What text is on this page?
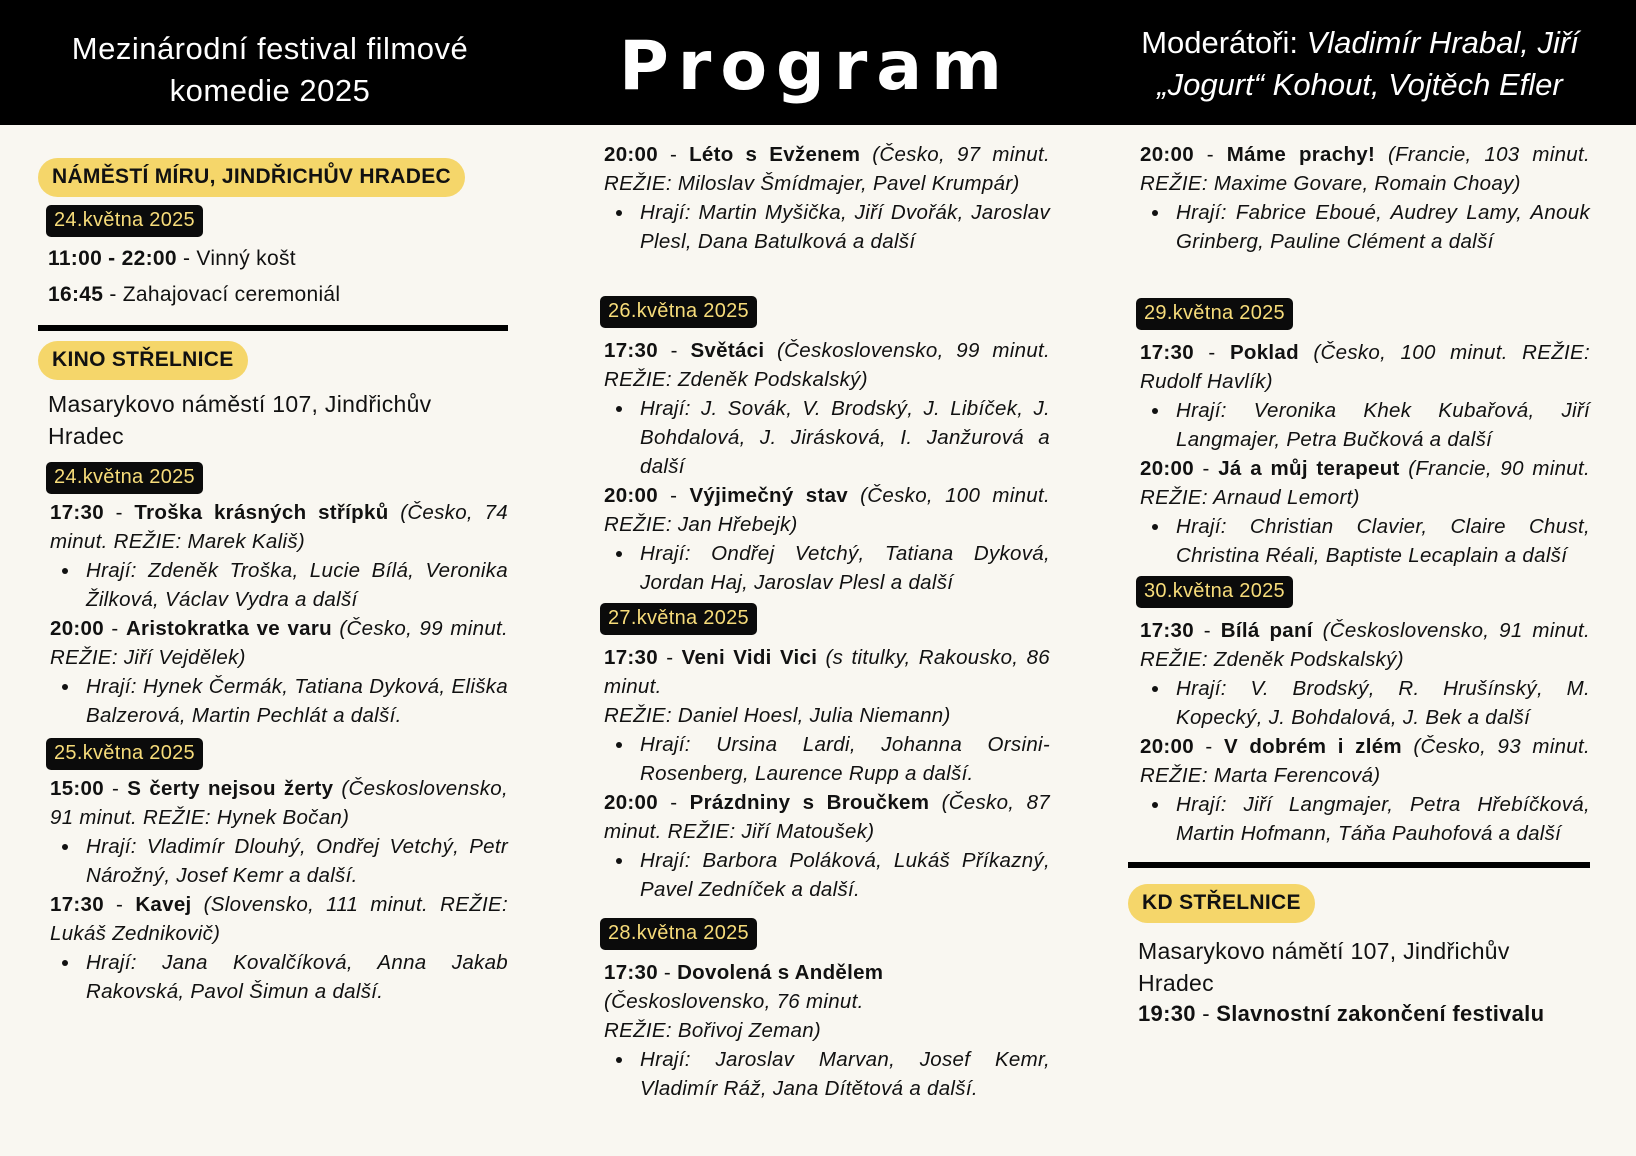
Mezinárodní festival filmové komedie 2025	Program	Moderátoři: Vladimír Hrabal, Jiří „Jogurt“ Kohout, Vojtěch Efler
NÁMĚSTÍ MÍRU, JINDŘICHŮV HRADEC
24.května 2025
11:00 - 22:00 - Vinný košt
16:45 - Zahajovací ceremoniál
KINO STŘELNICE
Masarykovo náměstí 107, Jindřichův Hradec
24.května 2025
17:30 - Troška krásných střípků (Česko, 74 minut. REŽIE: Marek Kališ)
Hrají: Zdeněk Troška, Lucie Bílá, Veronika Žilková, Václav Vydra a další
20:00 - Aristokratka ve varu (Česko, 99 minut. REŽIE: Jiří Vejdělek)
Hrají: Hynek Čermák, Tatiana Dyková, Eliška Balzerová, Martin Pechlát a další.
25.května 2025
15:00 - S čerty nejsou žerty (Československo, 91 minut. REŽIE: Hynek Bočan)
Hrají: Vladimír Dlouhý, Ondřej Vetchý, Petr Nárožný, Josef Kemr a další.
17:30 - Kavej (Slovensko, 111 minut. REŽIE: Lukáš Zednikovič)
Hrají: Jana Kovalčíková, Anna Jakab Rakovská, Pavol Šimun a další.
20:00 - Léto s Evženem (Česko, 97 minut. REŽIE: Miloslav Šmídmajer, Pavel Krumpár)
Hrají: Martin Myšička, Jiří Dvořák, Jaroslav Plesl, Dana Batulková a další
26.května 2025
17:30 - Světáci (Československo, 99 minut. REŽIE: Zdeněk Podskalský)
Hrají: J. Sovák, V. Brodský, J. Libíček, J. Bohdalová, J. Jirásková, I. Janžurová a další
20:00 - Výjimečný stav (Česko, 100 minut. REŽIE: Jan Hřebejk)
Hrají: Ondřej Vetchý, Tatiana Dyková, Jordan Haj, Jaroslav Plesl a další
27.května 2025
17:30 - Veni Vidi Vici (s titulky, Rakousko, 86 minut.
REŽIE: Daniel Hoesl, Julia Niemann)
Hrají: Ursina Lardi, Johanna Orsini-Rosenberg, Laurence Rupp a další.
20:00 - Prázdniny s Broučkem (Česko, 87 minut. REŽIE: Jiří Matoušek)
Hrají: Barbora Poláková, Lukáš Příkazný, Pavel Zedníček a další.
28.května 2025
17:30 - Dovolená s Andělem
(Československo, 76 minut.
REŽIE: Bořivoj Zeman)
Hrají: Jaroslav Marvan, Josef Kemr, Vladimír Ráž, Jana Dítětová a další.
20:00 - Máme prachy! (Francie, 103 minut. REŽIE: Maxime Govare, Romain Choay)
Hrají: Fabrice Eboué, Audrey Lamy, Anouk Grinberg, Pauline Clément a další
29.května 2025
17:30 - Poklad (Česko, 100 minut. REŽIE: Rudolf Havlík)
Hrají: Veronika Khek Kubařová, Jiří Langmajer, Petra Bučková a další
20:00 - Já a můj terapeut (Francie, 90 minut. REŽIE: Arnaud Lemort)
Hrají: Christian Clavier, Claire Chust, Christina Réali, Baptiste Lecaplain a další
30.května 2025
17:30 - Bílá paní (Československo, 91 minut. REŽIE: Zdeněk Podskalský)
Hrají: V. Brodský, R. Hrušínský, M. Kopecký, J. Bohdalová, J. Bek a další
20:00 - V dobrém i zlém (Česko, 93 minut. REŽIE: Marta Ferencová)
Hrají: Jiří Langmajer, Petra Hřebíčková, Martin Hofmann, Táňa Pauhofová a další
KD STŘELNICE
Masarykovo námětí 107, Jindřichův Hradec
19:30 - Slavnostní zakončení festivalu
